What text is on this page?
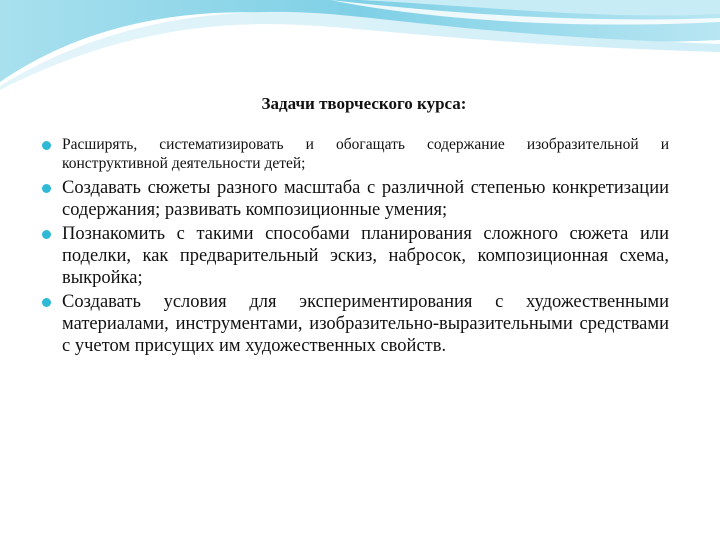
Задачи творческого курса:
Расширять, систематизировать и обогащать содержание изобразительной и конструктивной деятельности детей;
Создавать сюжеты разного масштаба с различной степенью конкретизации содержания; развивать композиционные умения;
Познакомить с такими способами планирования сложного сюжета или поделки, как предварительный эскиз, набросок, композиционная схема, выкройка;
Создавать условия для экспериментирования с художественными материалами, инструментами, изобразительно-выразительными средствами с учетом присущих им художественных свойств.
